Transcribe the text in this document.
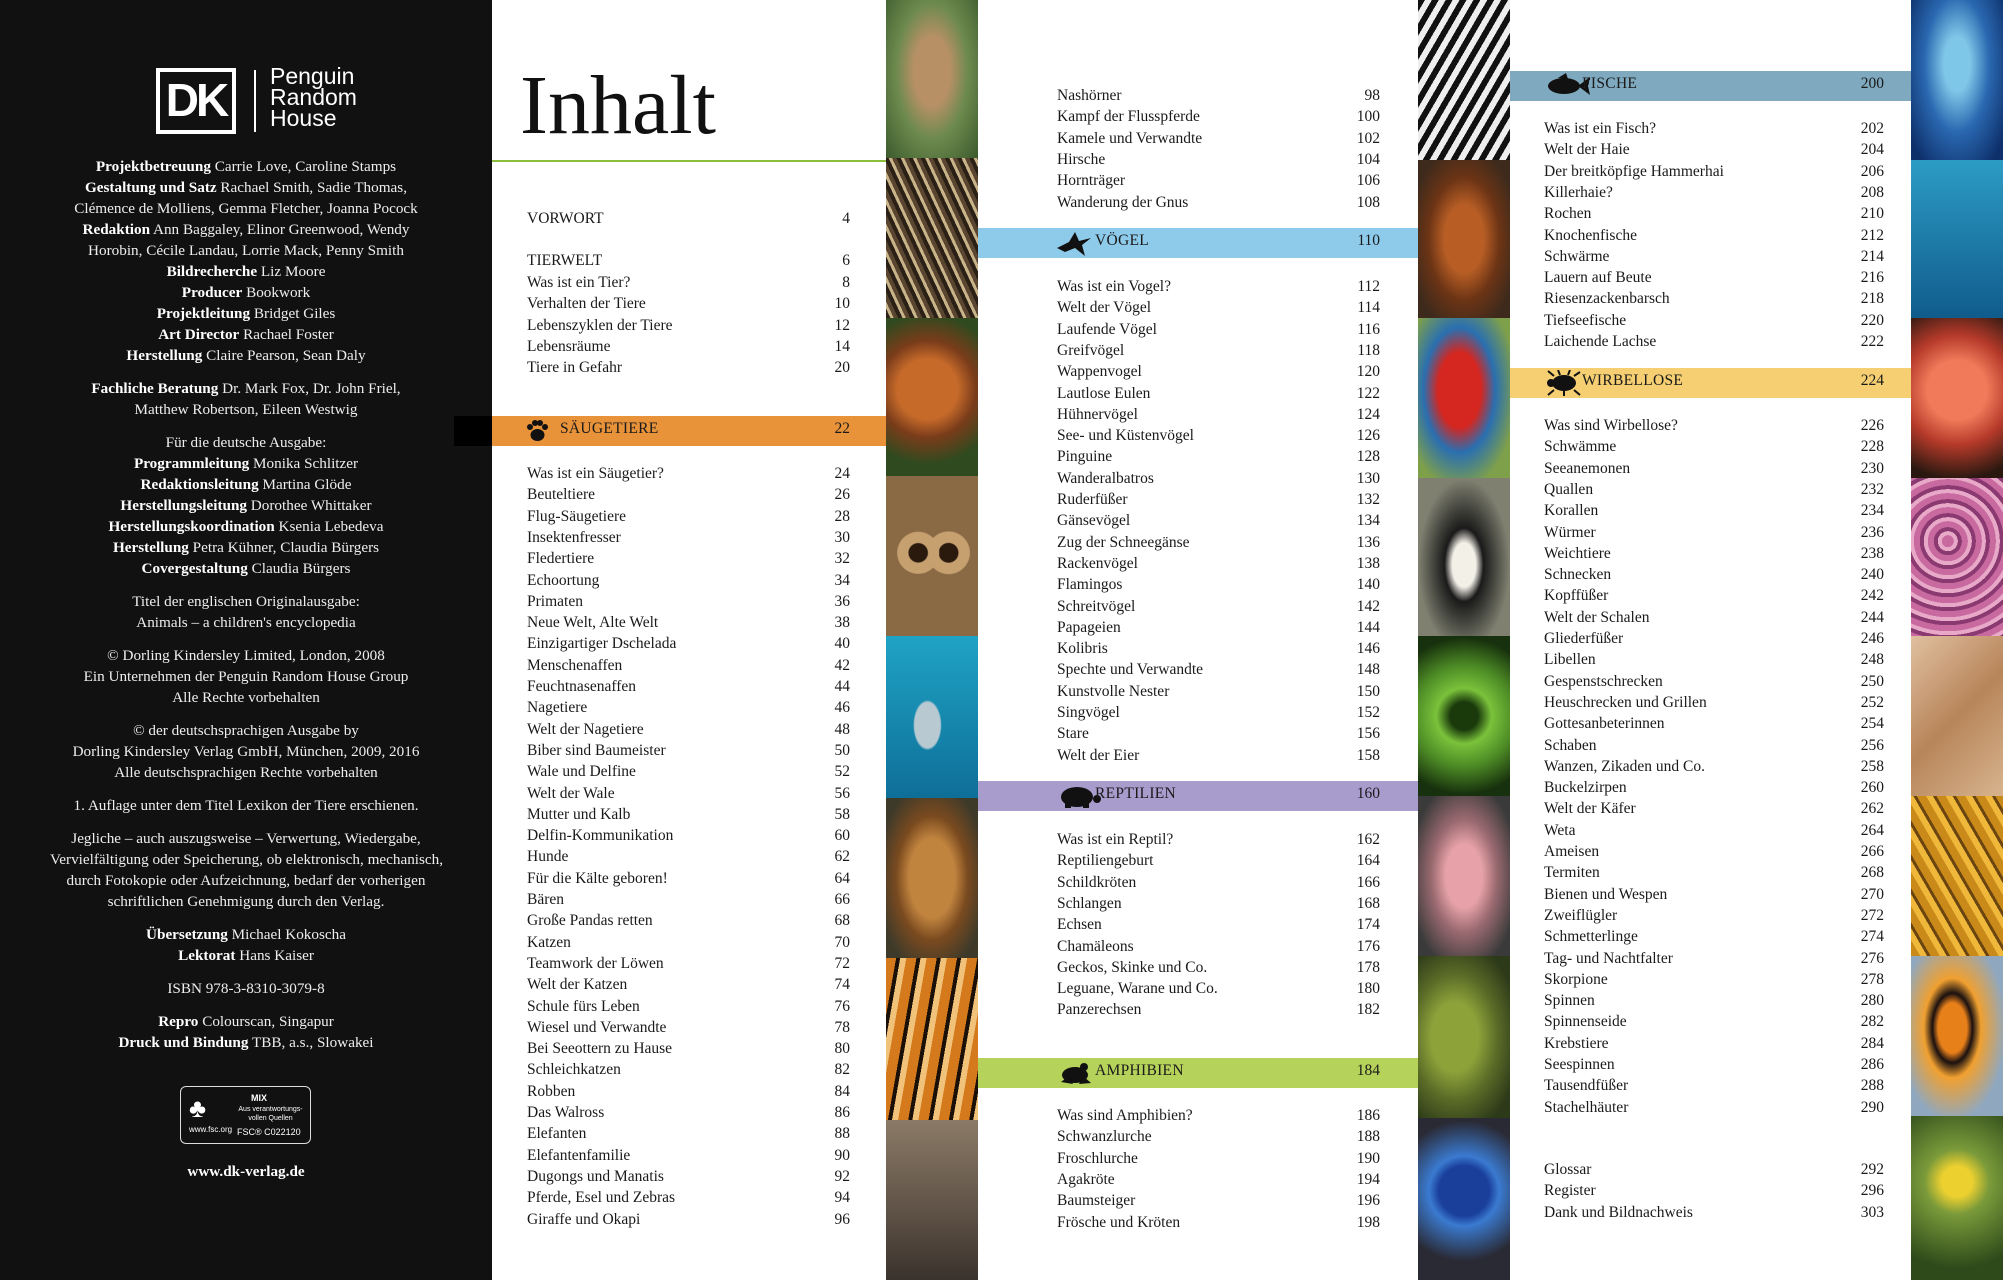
DK	Penguin
Random
House
Projektbetreuung Carrie Love, Caroline Stamps
Gestaltung und Satz Rachael Smith, Sadie Thomas,
Clémence de Molliens, Gemma Fletcher, Joanna Pocock
Redaktion Ann Baggaley, Elinor Greenwood, Wendy
Horobin, Cécile Landau, Lorrie Mack, Penny Smith
Bildrecherche Liz Moore
Producer Bookwork
Projektleitung Bridget Giles
Art Director Rachael Foster
Herstellung Claire Pearson, Sean Daly
Fachliche Beratung Dr. Mark Fox, Dr. John Friel,
Matthew Robertson, Eileen Westwig
Für die deutsche Ausgabe:
Programmleitung Monika Schlitzer
Redaktionsleitung Martina Glöde
Herstellungsleitung Dorothee Whittaker
Herstellungskoordination Ksenia Lebedeva
Herstellung Petra Kühner, Claudia Bürgers
Covergestaltung Claudia Bürgers
Titel der englischen Originalausgabe:
Animals – a children's encyclopedia
© Dorling Kindersley Limited, London, 2008
Ein Unternehmen der Penguin Random House Group
Alle Rechte vorbehalten
© der deutschsprachigen Ausgabe by
Dorling Kindersley Verlag GmbH, München, 2009, 2016
Alle deutschsprachigen Rechte vorbehalten
1. Auflage unter dem Titel Lexikon der Tiere erschienen.
Jegliche – auch auszugsweise – Verwertung, Wiedergabe,
Vervielfältigung oder Speicherung, ob elektronisch, mechanisch,
durch Fotokopie oder Aufzeichnung, bedarf der vorherigen
schriftlichen Genehmigung durch den Verlag.
Übersetzung Michael Kokoscha
Lektorat Hans Kaiser
ISBN 978-3-8310-3079-8
Repro Colourscan, Singapur
Druck und Bindung TBB, a.s., Slowakei
♣
www.fsc.org
MIX
Aus verantwortungs-vollen Quellen
FSC® C022120
www.dk-verlag.de
Inhalt
VORWORT	4
TIERWELT	6
Was ist ein Tier?	8
Verhalten der Tiere	10
Lebenszyklen der Tiere	12
Lebensräume	14
Tiere in Gefahr	20
SÄUGETIERE	22
Was ist ein Säugetier?	24
Beuteltiere	26
Flug-Säugetiere	28
Insektenfresser	30
Fledertiere	32
Echoortung	34
Primaten	36
Neue Welt, Alte Welt	38
Einzigartiger Dschelada	40
Menschenaffen	42
Feuchtnasenaffen	44
Nagetiere	46
Welt der Nagetiere	48
Biber sind Baumeister	50
Wale und Delfine	52
Welt der Wale	56
Mutter und Kalb	58
Delfin-Kommunikation	60
Hunde	62
Für die Kälte geboren!	64
Bären	66
Große Pandas retten	68
Katzen	70
Teamwork der Löwen	72
Welt der Katzen	74
Schule fürs Leben	76
Wiesel und Verwandte	78
Bei Seeottern zu Hause	80
Schleichkatzen	82
Robben	84
Das Walross	86
Elefanten	88
Elefantenfamilie	90
Dugongs und Manatis	92
Pferde, Esel und Zebras	94
Giraffe und Okapi	96
Nashörner	98
Kampf der Flusspferde	100
Kamele und Verwandte	102
Hirsche	104
Hornträger	106
Wanderung der Gnus	108
VÖGEL	110
Was ist ein Vogel?	112
Welt der Vögel	114
Laufende Vögel	116
Greifvögel	118
Wappenvogel	120
Lautlose Eulen	122
Hühnervögel	124
See- und Küstenvögel	126
Pinguine	128
Wanderalbatros	130
Ruderfüßer	132
Gänsevögel	134
Zug der Schneegänse	136
Rackenvögel	138
Flamingos	140
Schreitvögel	142
Papageien	144
Kolibris	146
Spechte und Verwandte	148
Kunstvolle Nester	150
Singvögel	152
Stare	156
Welt der Eier	158
REPTILIEN	160
Was ist ein Reptil?	162
Reptiliengeburt	164
Schildkröten	166
Schlangen	168
Echsen	174
Chamäleons	176
Geckos, Skinke und Co.	178
Leguane, Warane und Co.	180
Panzerechsen	182
AMPHIBIEN	184
Was sind Amphibien?	186
Schwanzlurche	188
Froschlurche	190
Agakröte	194
Baumsteiger	196
Frösche und Kröten	198
FISCHE	200
Was ist ein Fisch?	202
Welt der Haie	204
Der breitköpfige Hammerhai	206
Killerhaie?	208
Rochen	210
Knochenfische	212
Schwärme	214
Lauern auf Beute	216
Riesenzackenbarsch	218
Tiefseefische	220
Laichende Lachse	222
WIRBELLOSE	224
Was sind Wirbellose?	226
Schwämme	228
Seeanemonen	230
Quallen	232
Korallen	234
Würmer	236
Weichtiere	238
Schnecken	240
Kopffüßer	242
Welt der Schalen	244
Gliederfüßer	246
Libellen	248
Gespenstschrecken	250
Heuschrecken und Grillen	252
Gottesanbeterinnen	254
Schaben	256
Wanzen, Zikaden und Co.	258
Buckelzirpen	260
Welt der Käfer	262
Weta	264
Ameisen	266
Termiten	268
Bienen und Wespen	270
Zweiflügler	272
Schmetterlinge	274
Tag- und Nachtfalter	276
Skorpione	278
Spinnen	280
Spinnenseide	282
Krebstiere	284
Seespinnen	286
Tausendfüßer	288
Stachelhäuter	290
Glossar	292
Register	296
Dank und Bildnachweis	303
